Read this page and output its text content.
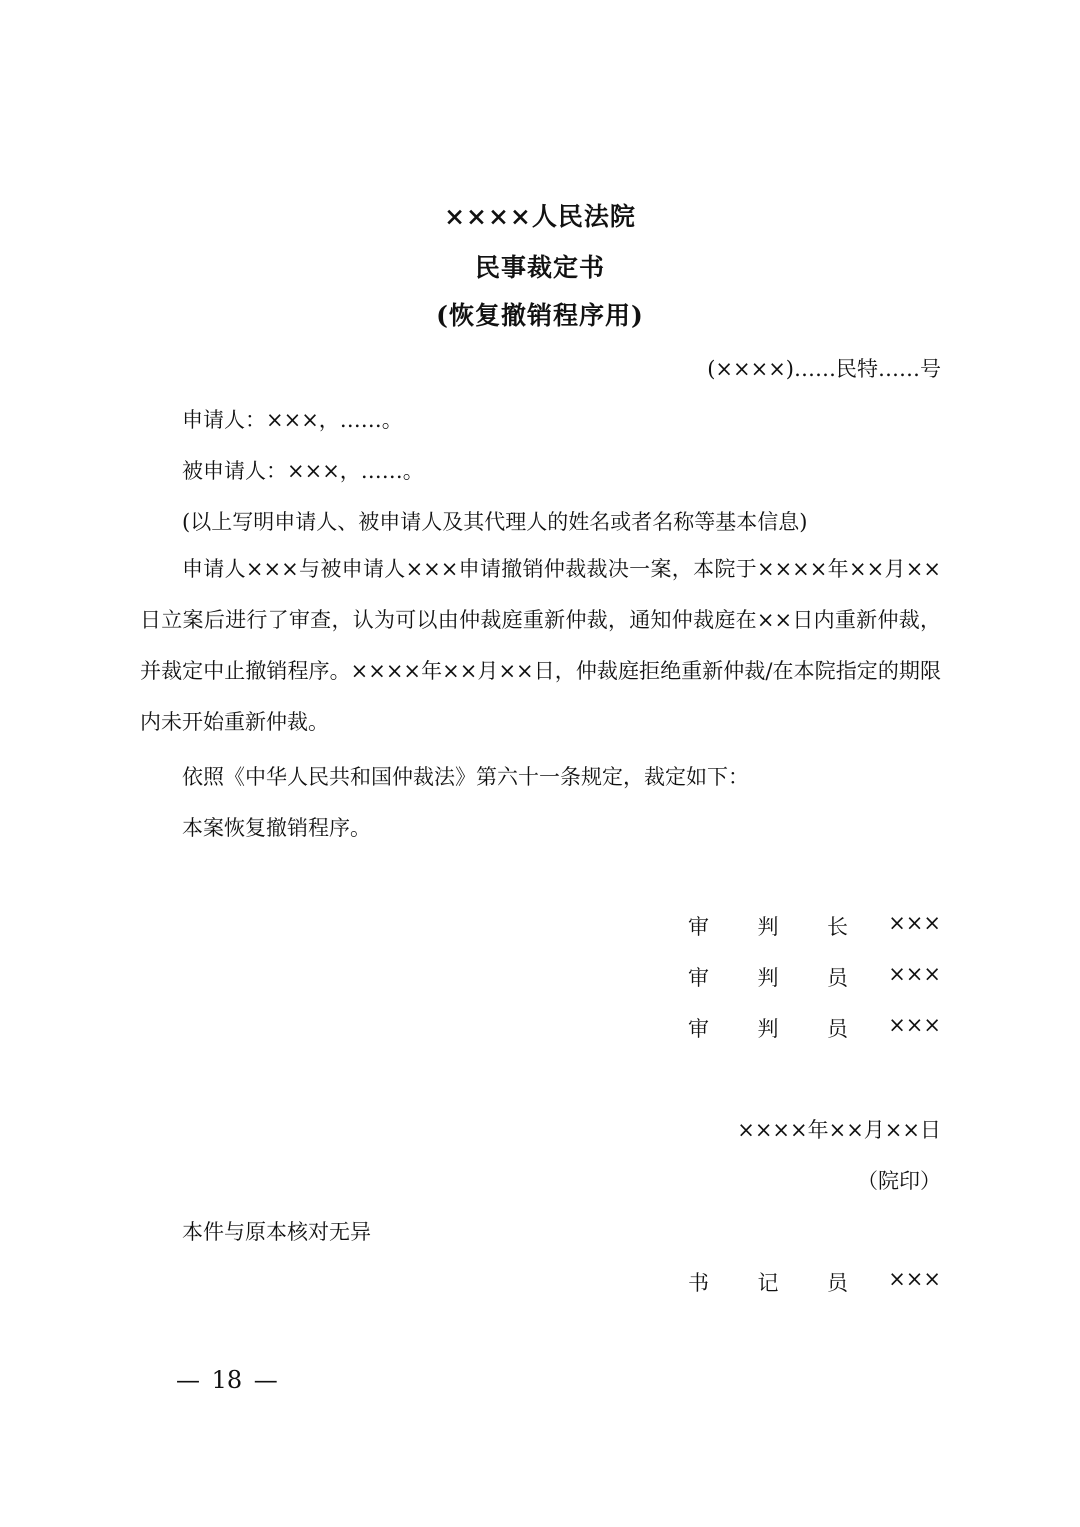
××××人民法院
民事裁定书
(恢复撤销程序用)
(××××)……民特……号
申请人：×××，……。
被申请人：×××，……。
(以上写明申请人、被申请人及其代理人的姓名或者名称等基本信息)

申请人×××与被申请人×××申请撤销仲裁裁决一案，本院于××××年××月××日立案后进行了审查，认为可以由仲裁庭重新仲裁，通知仲裁庭在××日内重新仲裁，并裁定中止撤销程序。××××年××月××日，仲裁庭拒绝重新仲裁/在本院指定的期限内未开始重新仲裁。

依照《中华人民共和国仲裁法》第六十一条规定，裁定如下：
本案恢复撤销程序。
审 判 长 ×××
审 判 员 ×××
审 判 员 ×××
××××年××月××日
（院印）
本件与原本核对无异
书 记 员 ×××
— 18 —
